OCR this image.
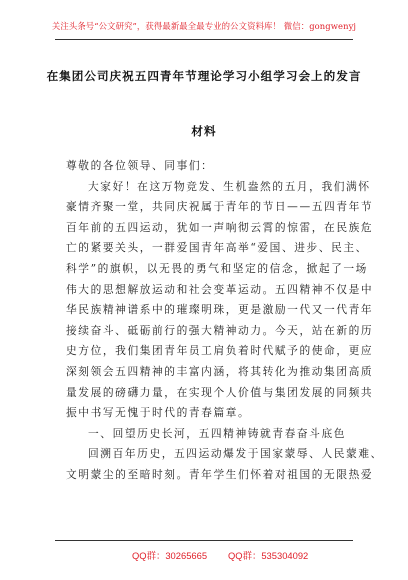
关注头条号“公文研究”，获得最新最全最专业的公文资料库！ 微信：gongwenyj
在集团公司庆祝五四青年节理论学习小组学习会上的发言
材料
尊敬的各位领导、同事们：
大家好！在这万物竞发、生机盎然的五月，我们满怀
豪情齐聚一堂，共同庆祝属于青年的节日——五四青年节
百年前的五四运动，犹如一声响彻云霄的惊雷，在民族危
亡的紧要关头，一群爱国青年高举“爱国、进步、民主、
科学”的旗帜，以无畏的勇气和坚定的信念，掀起了一场
伟大的思想解放运动和社会变革运动。五四精神不仅是中
华民族精神谱系中的璀璨明珠，更是激励一代又一代青年
接续奋斗、砥砺前行的强大精神动力。今天，站在新的历
史方位，我们集团青年员工肩负着时代赋予的使命，更应
深刻领会五四精神的丰富内涵，将其转化为推动集团高质
量发展的磅礴力量，在实现个人价值与集团发展的同频共
振中书写无愧于时代的青春篇章。
一、回望历史长河，五四精神铸就青春奋斗底色
回溯百年历史，五四运动爆发于国家蒙辱、人民蒙难、
文明蒙尘的至暗时刻。青年学生们怀着对祖国的无限热爱
QQ群：30265665 QQ群：535304092
